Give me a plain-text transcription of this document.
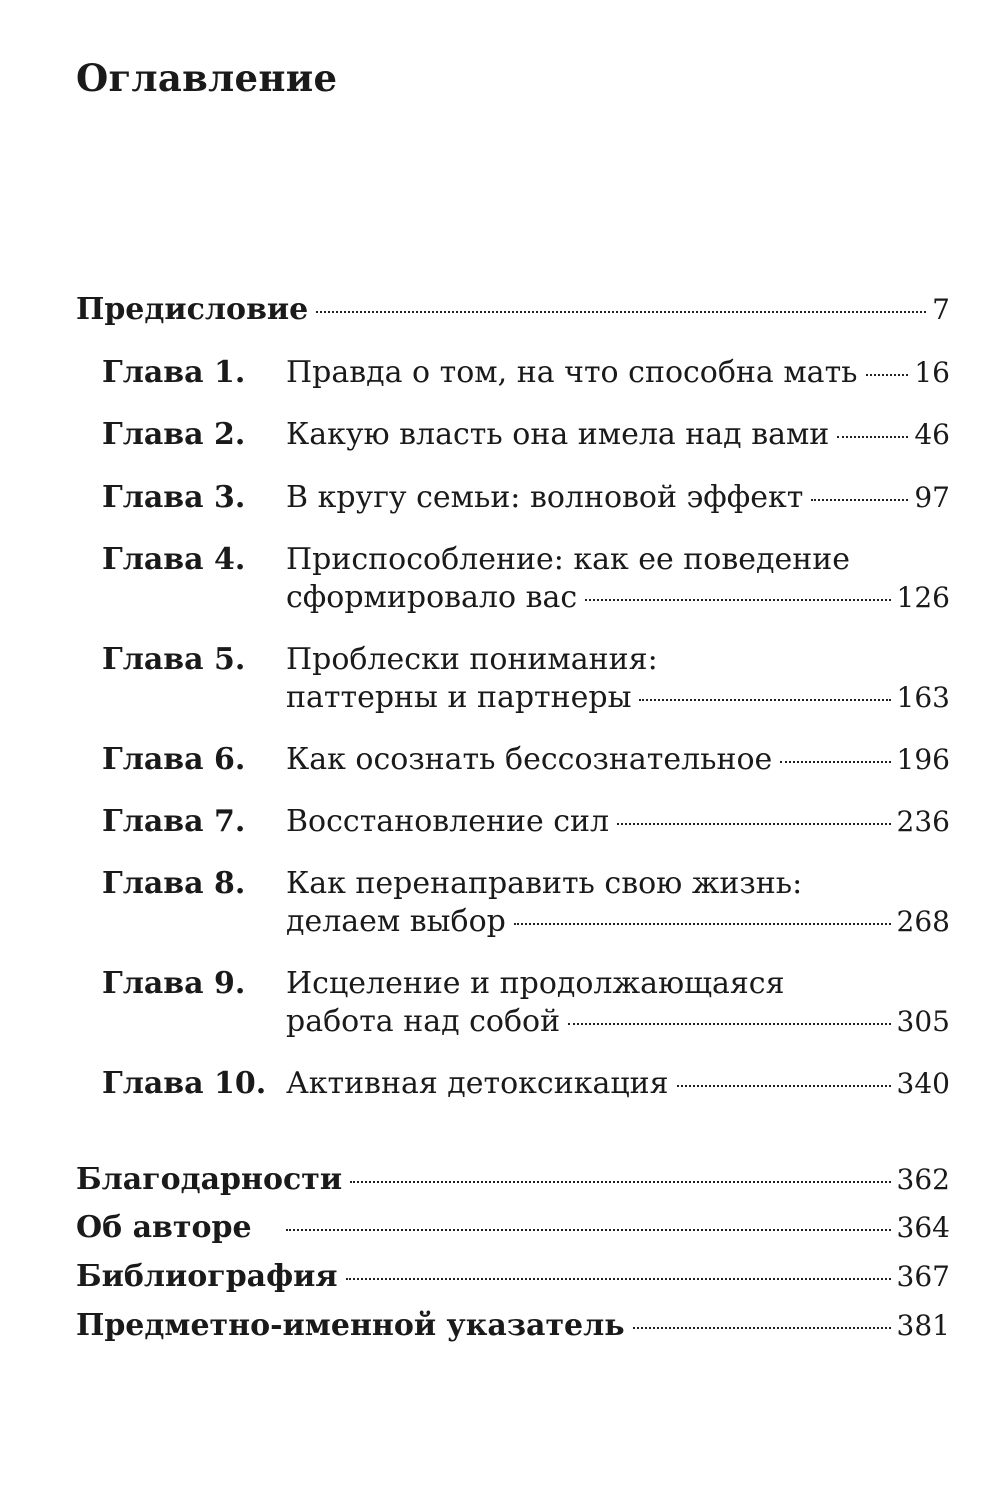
Оглавление
Предисловие	7
Глава 1.	Правда о том, на что способна мать 16
Глава 2.	Какую власть она имела над вами	46
Глава 3.	В кругу семьи: волновой эффект	97
Глава 4.	Приспособление: как ее поведение
сформировало вас	126
Глава 5.	Проблески понимания:
паттерны и партнеры	163
Глава 6.	Как осознать бессознательное	196
Глава 7.	Восстановление сил	236
Глава 8.	Как перенаправить свою жизнь:
делаем выбор	268
Глава 9.	Исцеление и продолжающаяся
работа над собой	305
Глава 10. Активная детоксикация	340
Благодарности	362
Об авторе	364
Библиография	367
Предметно-именной указатель	381
